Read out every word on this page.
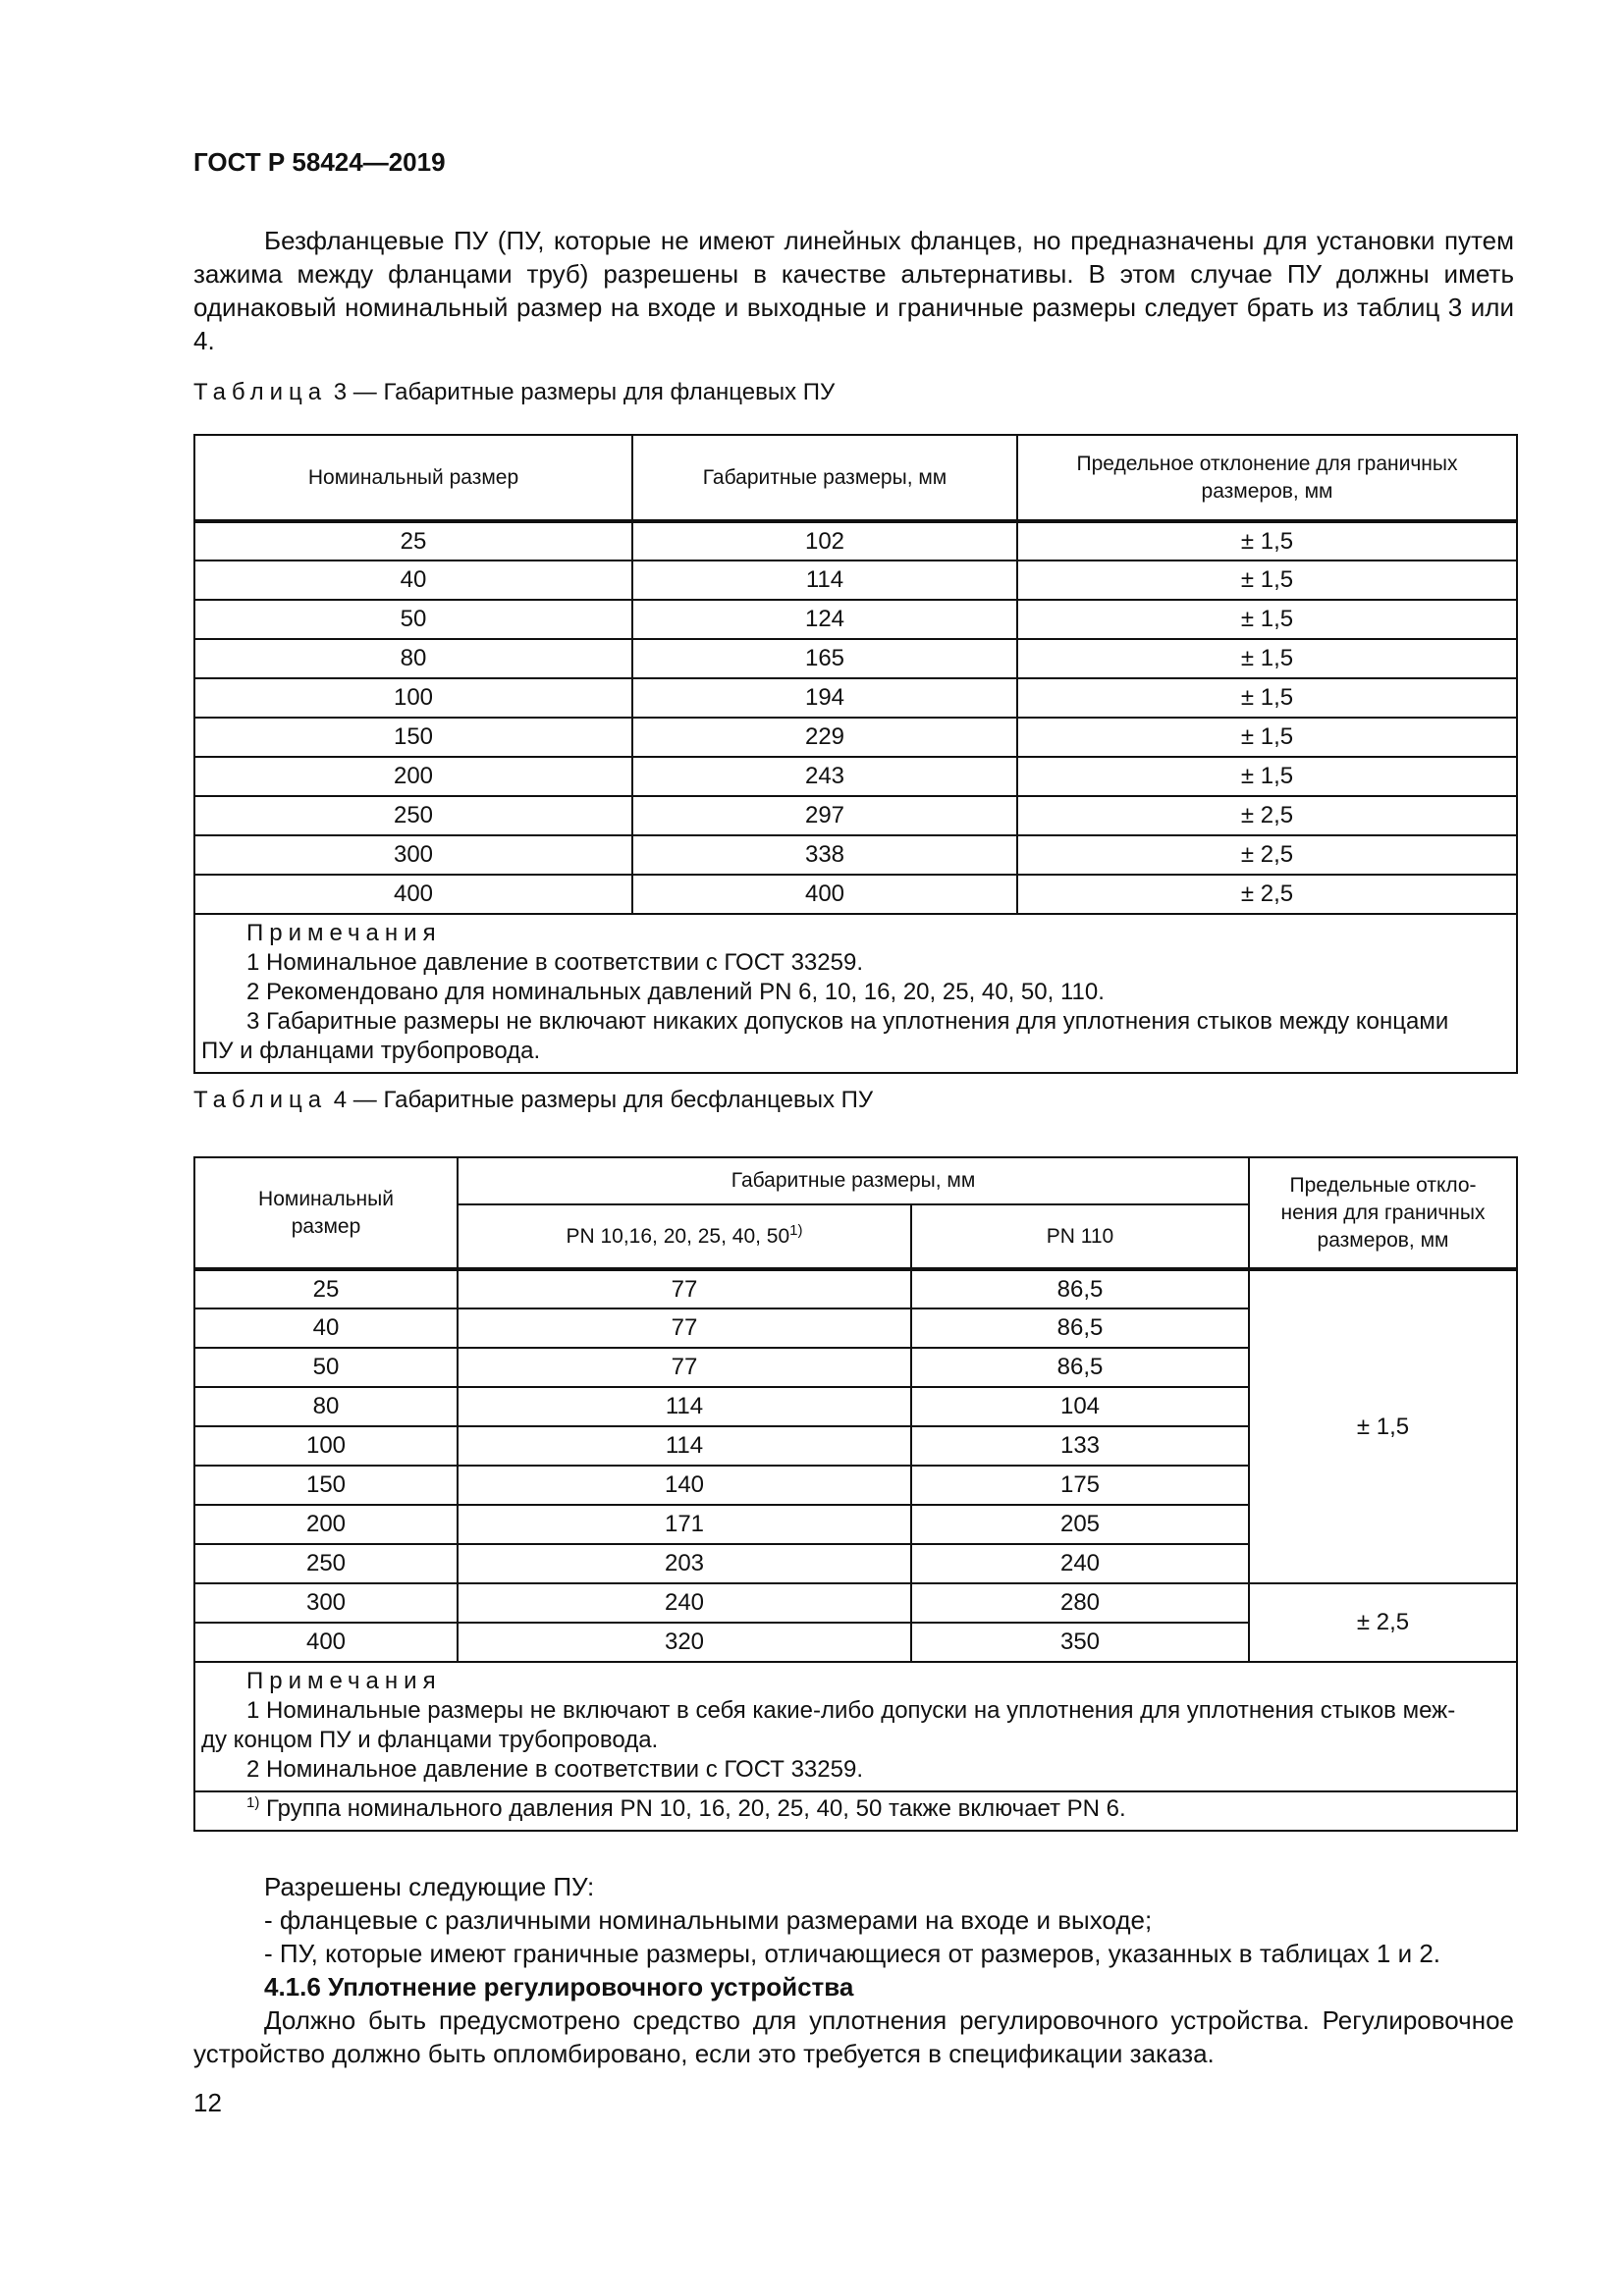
ГОСТ Р 58424—2019

Безфланцевые ПУ (ПУ, которые не имеют линейных фланцев, но предназначены для установки путем зажима между фланцами труб) разрешены в качестве альтернативы. В этом случае ПУ должны иметь одинаковый номинальный размер на входе и выходные и граничные размеры следует брать из таблиц 3 или 4.

Таблица 3 — Габаритные размеры для фланцевых ПУ
Номинальный размер	Габаритные размеры, мм	Предельное отклонение для граничных размеров, мм
25	102	± 1,5
40	114	± 1,5
50	124	± 1,5
80	165	± 1,5
100	194	± 1,5
150	229	± 1,5
200	243	± 1,5
250	297	± 2,5
300	338	± 2,5
400	400	± 2,5

Примечания
1 Номинальное давление в соответствии с ГОСТ 33259.
2 Рекомендовано для номинальных давлений PN 6, 10, 16, 20, 25, 40, 50, 110.
3 Габаритные размеры не включают никаких допусков на уплотнения для уплотнения стыков между концами
ПУ и фланцами трубопровода.		
Таблица 4 — Габаритные размеры для бесфланцевых ПУ
Номинальный размер	Габаритные размеры, мм		Предельные откло-нения для граничных размеров, мм
	PN 10,16, 20, 25, 40, 50$^{1)}$	PN 110	
25	77	86,5	± 1,5
40	77	86,5	
50	77	86,5	
80	114	104	
100	114	133	
150	140	175	
200	171	205	
250	203	240	
300	240	280	± 2,5
400	320	350	

Примечания
1 Номинальные размеры не включают в себя какие-либо допуски на уплотнения для уплотнения стыков меж-
ду концом ПУ и фланцами трубопровода.
2 Номинальное давление в соответствии с ГОСТ 33259.			

$^{1)}$ Группа номинального давления PN 10, 16, 20, 25, 40, 50 также включает PN 6.			
Разрешены следующие ПУ:
- фланцевые с различными номинальными размерами на входе и выходе;
- ПУ, которые имеют граничные размеры, отличающиеся от размеров, указанных в таблицах 1 и 2.
4.1.6 Уплотнение регулировочного устройства
Должно быть предусмотрено средство для уплотнения регулировочного устройства. Регулировочное устройство должно быть опломбировано, если это требуется в спецификации заказа.
12
